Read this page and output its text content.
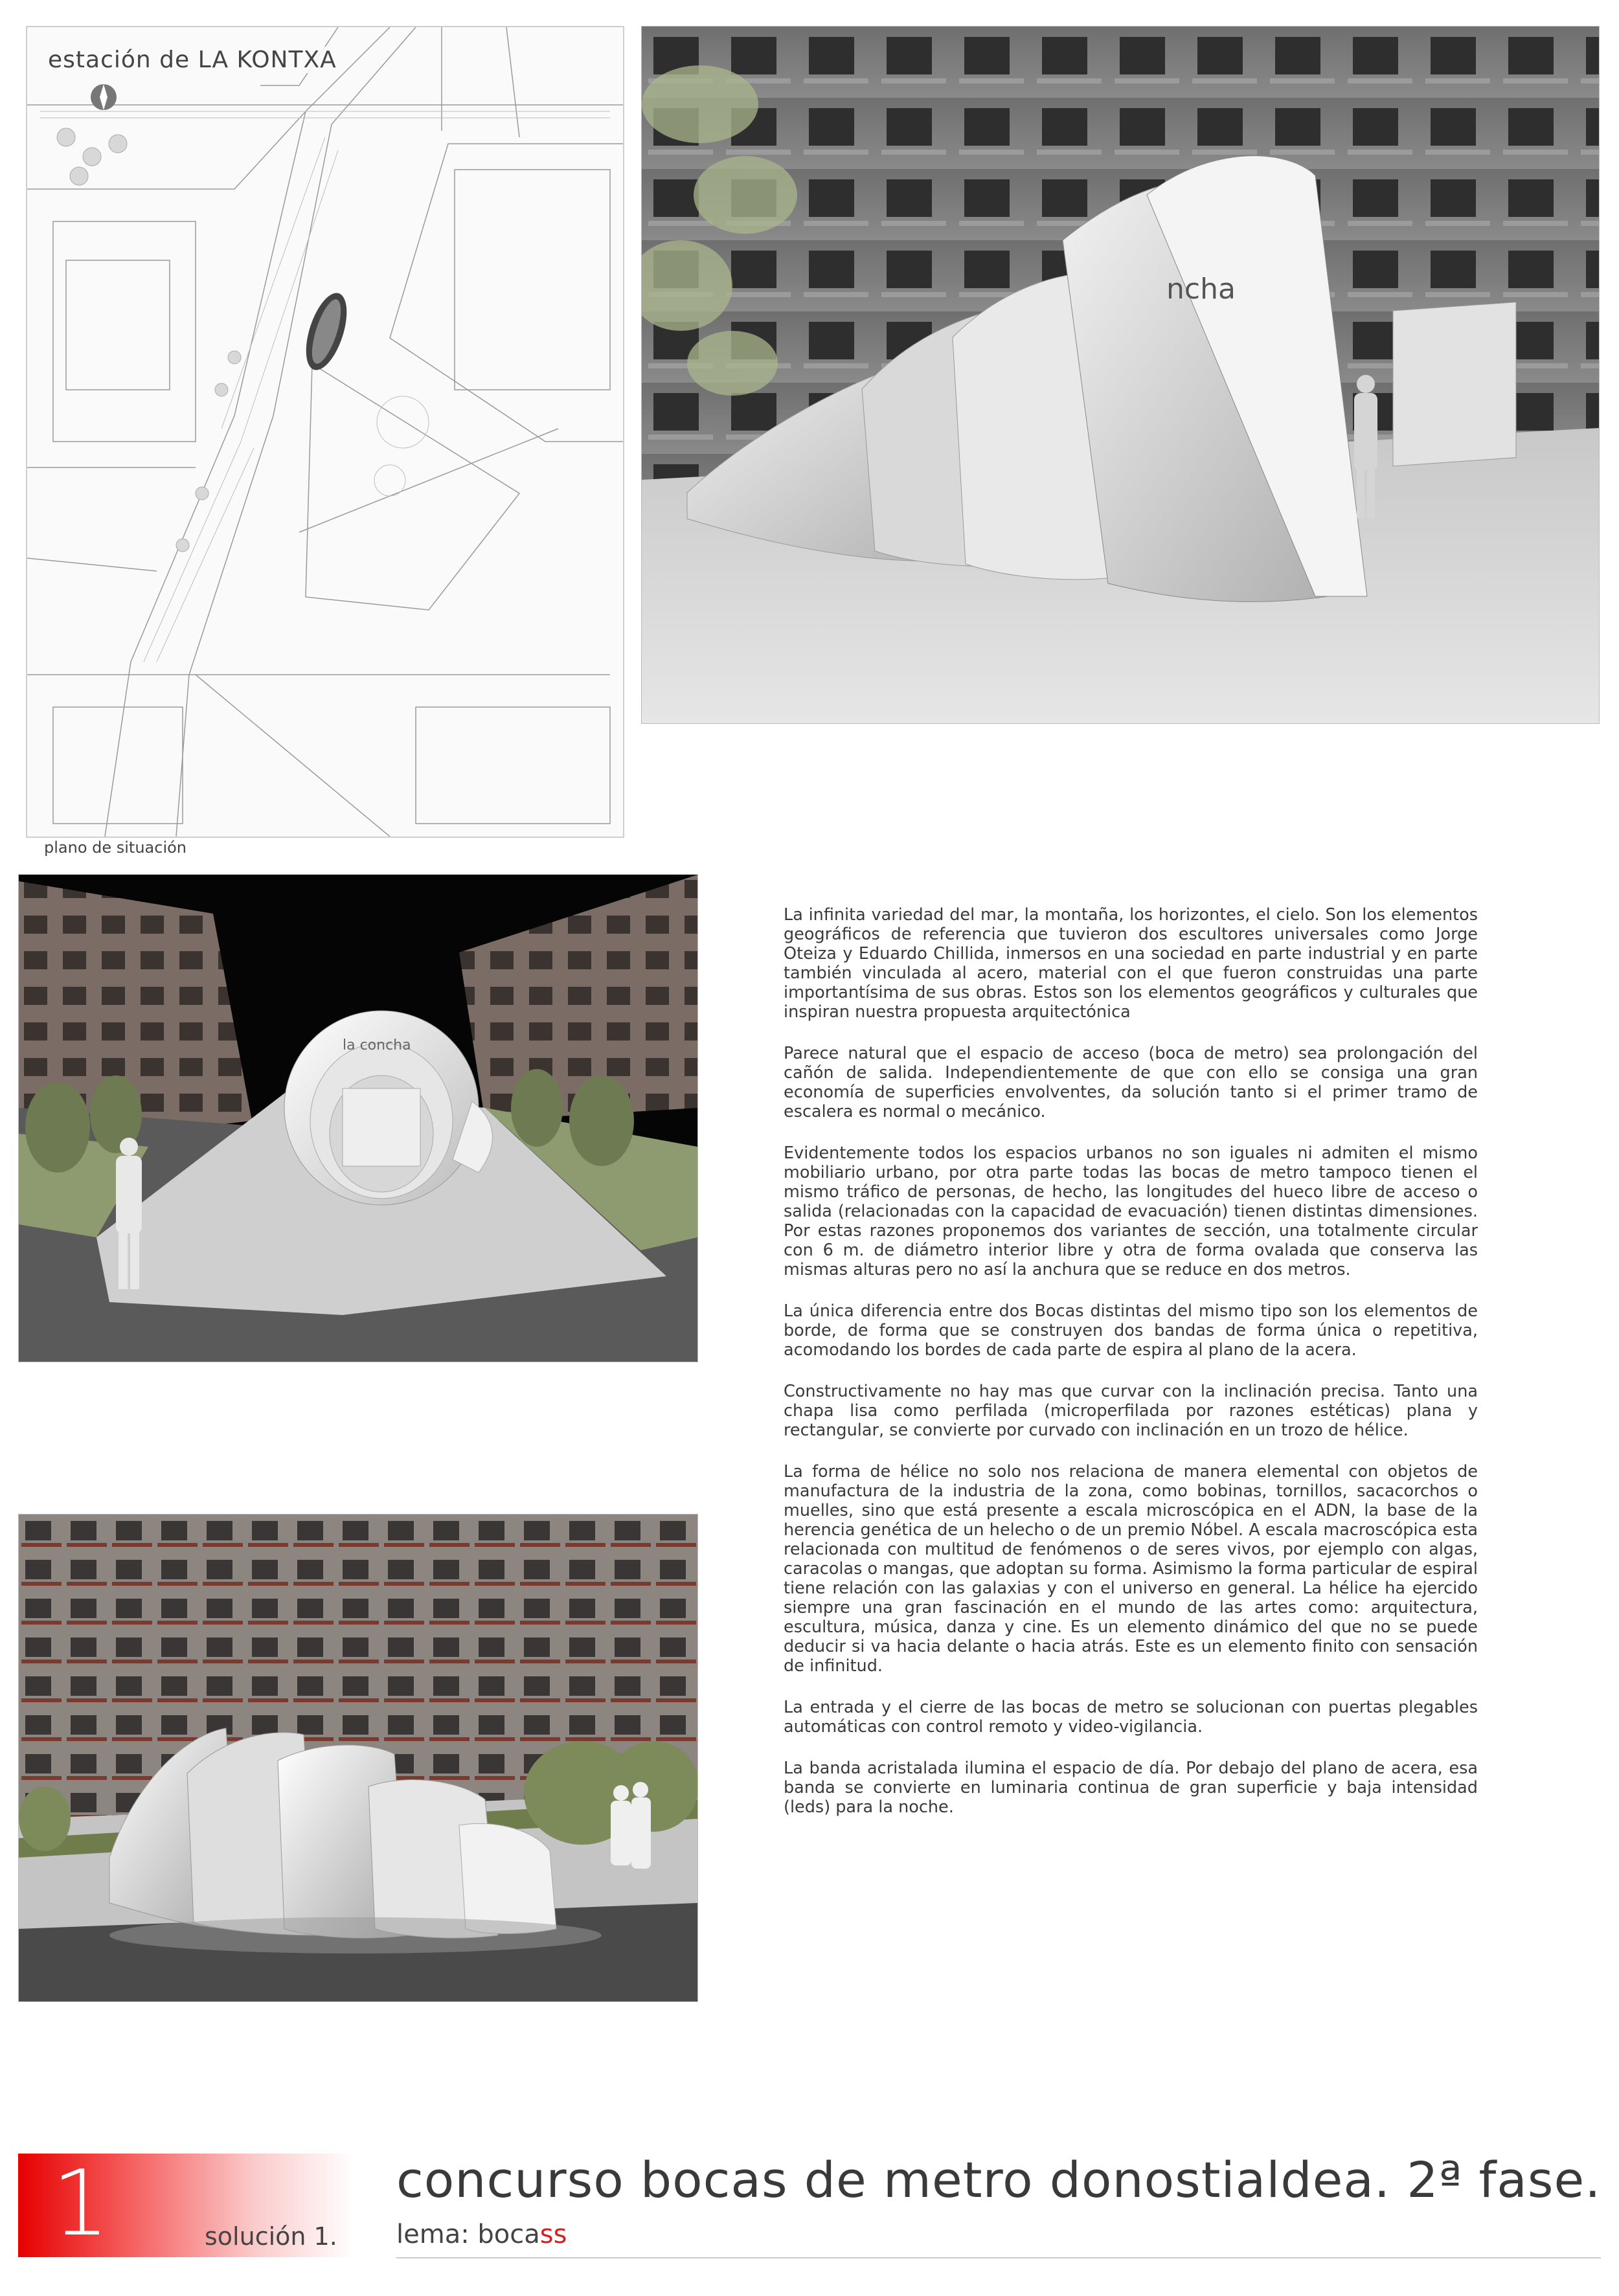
estación de LA KONTXA
plano de situación
ncha
la concha

La infinita variedad del mar, la montaña, los horizontes, el cielo. Son los elementos geográficos de referencia que tuvieron dos escultores universales como Jorge Oteiza y Eduardo Chillida, inmersos en una sociedad en parte industrial y en parte también vinculada al acero, material con el que fueron construidas una parte importantísima de sus obras. Estos son los elementos geográficos y culturales que inspiran nuestra propuesta arquitectónica

Parece natural que el espacio de acceso (boca de metro) sea prolongación del cañón de salida. Independientemente de que con ello se consiga una gran economía de superficies envolventes, da solución tanto si el primer tramo de escalera es normal o mecánico.

Evidentemente todos los espacios urbanos no son iguales ni admiten el mismo mobiliario urbano, por otra parte todas las bocas de metro tampoco tienen el mismo tráfico de personas, de hecho, las longitudes del hueco libre de acceso o salida (relacionadas con la capacidad de evacuación) tienen distintas dimensiones. Por estas razones proponemos dos variantes de sección, una totalmente circular con 6 m. de diámetro interior libre y otra de forma ovalada que conserva las mismas alturas pero no así la anchura que se reduce en dos metros.

La única diferencia entre dos Bocas distintas del mismo tipo son los elementos de borde, de forma que se construyen dos bandas de forma única o repetitiva, acomodando los bordes de cada parte de espira al plano de la acera.

Constructivamente no hay mas que curvar con la inclinación precisa. Tanto una chapa lisa como perfilada (microperfilada por razones estéticas) plana y rectangular, se convierte por curvado con inclinación en un trozo de hélice.

La forma de hélice no solo nos relaciona de manera elemental con objetos de manufactura de la industria de la zona, como bobinas, tornillos, sacacorchos o muelles, sino que está presente a escala microscópica en el ADN, la base de la herencia genética de un helecho o de un premio Nóbel. A escala macroscópica esta relacionada con multitud de fenómenos o de seres vivos, por ejemplo con algas, caracolas o mangas, que adoptan su forma. Asimismo la forma particular de espiral tiene relación con las galaxias y con el universo en general. La hélice ha ejercido siempre una gran fascinación en el mundo de las artes como: arquitectura, escultura, música, danza y cine. Es un elemento dinámico del que no se puede deducir si va hacia delante o hacia atrás. Este es un elemento finito con sensación de infinitud.

La entrada y el cierre de las bocas de metro se solucionan con puertas plegables automáticas con control remoto y video-vigilancia.

La banda acristalada ilumina el espacio de día. Por debajo del plano de acera, esa banda se convierte en luminaria continua de gran superficie y baja intensidad (leds) para la noche.

1	solución 1.
concurso bocas de metro donostialdea. 2ª fase.
lema: bocass
